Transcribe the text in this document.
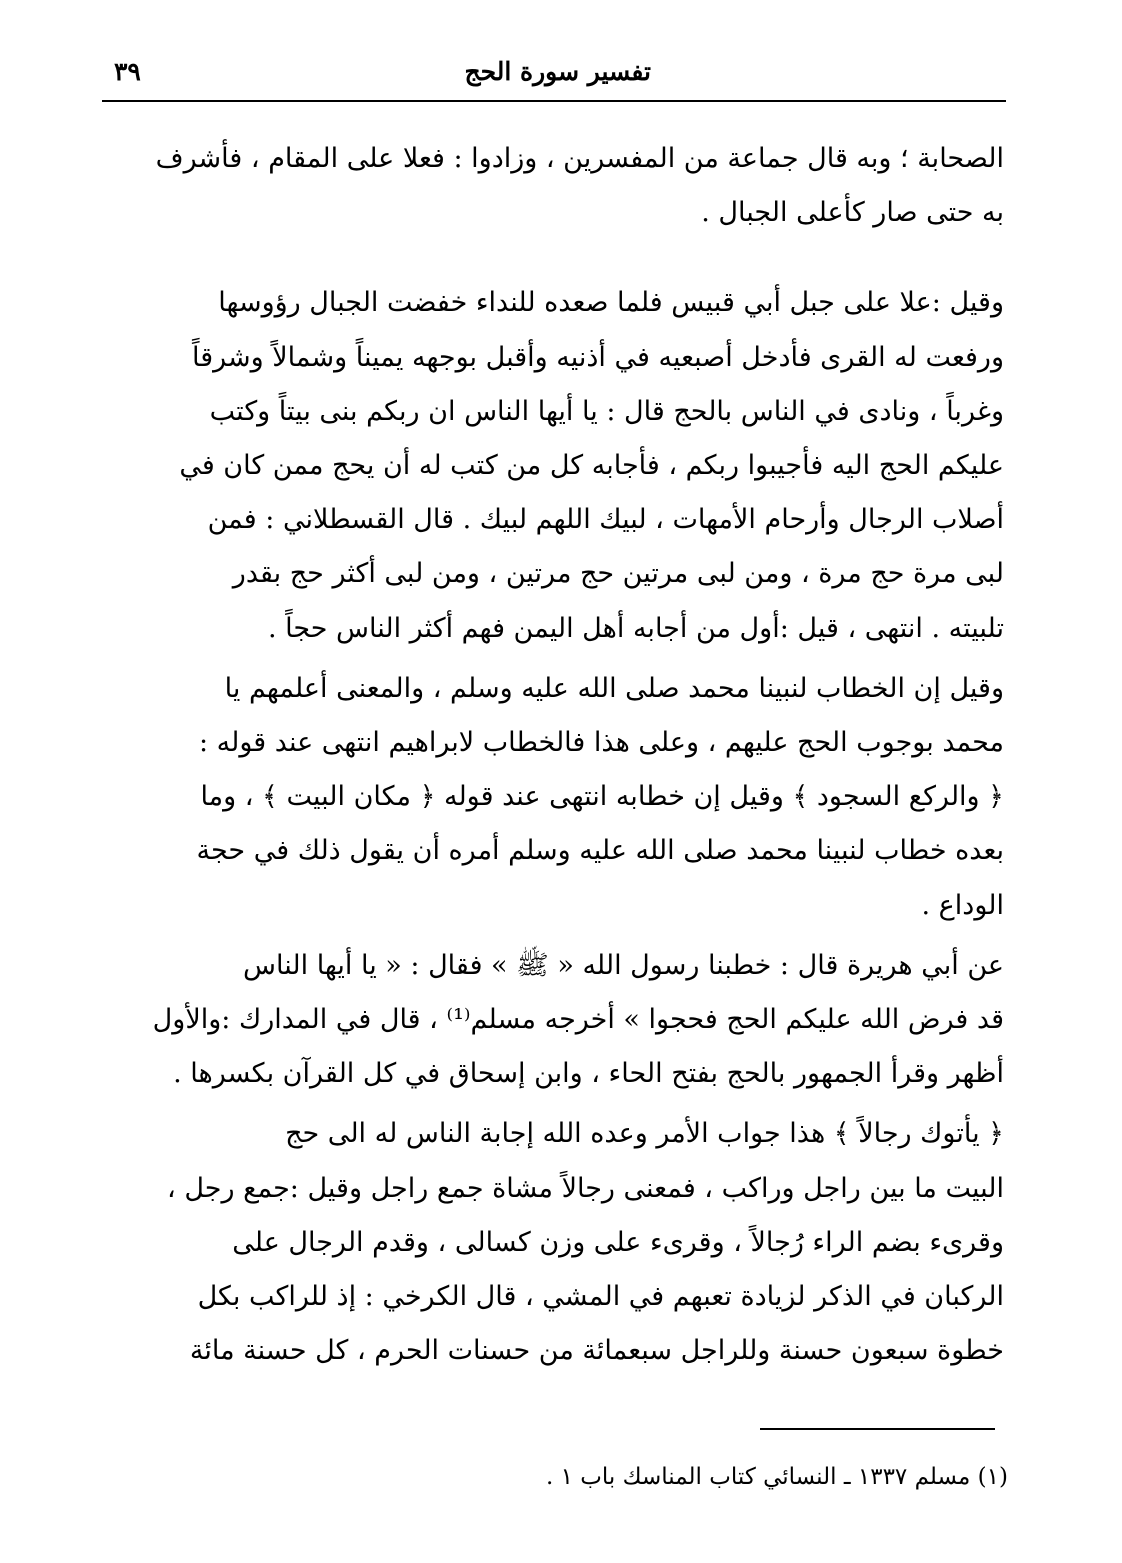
تفسير سورة الحج
٣٩

الصحابة ؛ وبه قال جماعة من المفسرين ، وزادوا : فعلا على المقام ، فأشرف
به حتى صار كأعلى الجبال .

وقيل :علا على جبل أبي قبيس فلما صعده للنداء خفضت الجبال رؤوسها
ورفعت له القرى فأدخل أصبعيه في أذنيه وأقبل بوجهه يميناً وشمالاً وشرقاً
وغرباً ، ونادى في الناس بالحج قال : يا أيها الناس ان ربكم بنى بيتاً وكتب
عليكم الحج اليه فأجيبوا ربكم ، فأجابه كل من كتب له أن يحج ممن كان في
أصلاب الرجال وأرحام الأمهات ، لبيك اللهم لبيك . قال القسطلاني : فمن
لبى مرة حج مرة ، ومن لبى مرتين حج مرتين ، ومن لبى أكثر حج بقدر
تلبيته . انتهى ، قيل :أول من أجابه أهل اليمن فهم أكثر الناس حجاً .

وقيل إن الخطاب لنبينا محمد صلى الله عليه وسلم ، والمعنى أعلمهم يا
محمد بوجوب الحج عليهم ، وعلى هذا فالخطاب لابراهيم انتهى عند قوله :
﴿ والركع السجود ﴾ وقيل إن خطابه انتهى عند قوله ﴿ مكان البيت ﴾ ، وما
بعده خطاب لنبينا محمد صلى الله عليه وسلم أمره أن يقول ذلك في حجة
الوداع .

عن أبي هريرة قال : خطبنا رسول الله « ﷺ » فقال : « يا أيها الناس
قد فرض الله عليكم الحج فحجوا » أخرجه مسلم⁽¹⁾ ، قال في المدارك :والأول
أظهر وقرأ الجمهور بالحج بفتح الحاء ، وابن إسحاق في كل القرآن بكسرها .

﴿ يأتوك رجالاً ﴾ هذا جواب الأمر وعده الله إجابة الناس له الى حج
البيت ما بين راجل وراكب ، فمعنى رجالاً مشاة جمع راجل وقيل :جمع رجل ،
وقرىء بضم الراء رُجالاً ، وقرىء على وزن كسالى ، وقدم الرجال على
الركبان في الذكر لزيادة تعبهم في المشي ، قال الكرخي : إذ للراكب بكل
خطوة سبعون حسنة وللراجل سبعمائة من حسنات الحرم ، كل حسنة مائة

(١) مسلم ١٣٣٧ ـ النسائي كتاب المناسك باب ١ .
